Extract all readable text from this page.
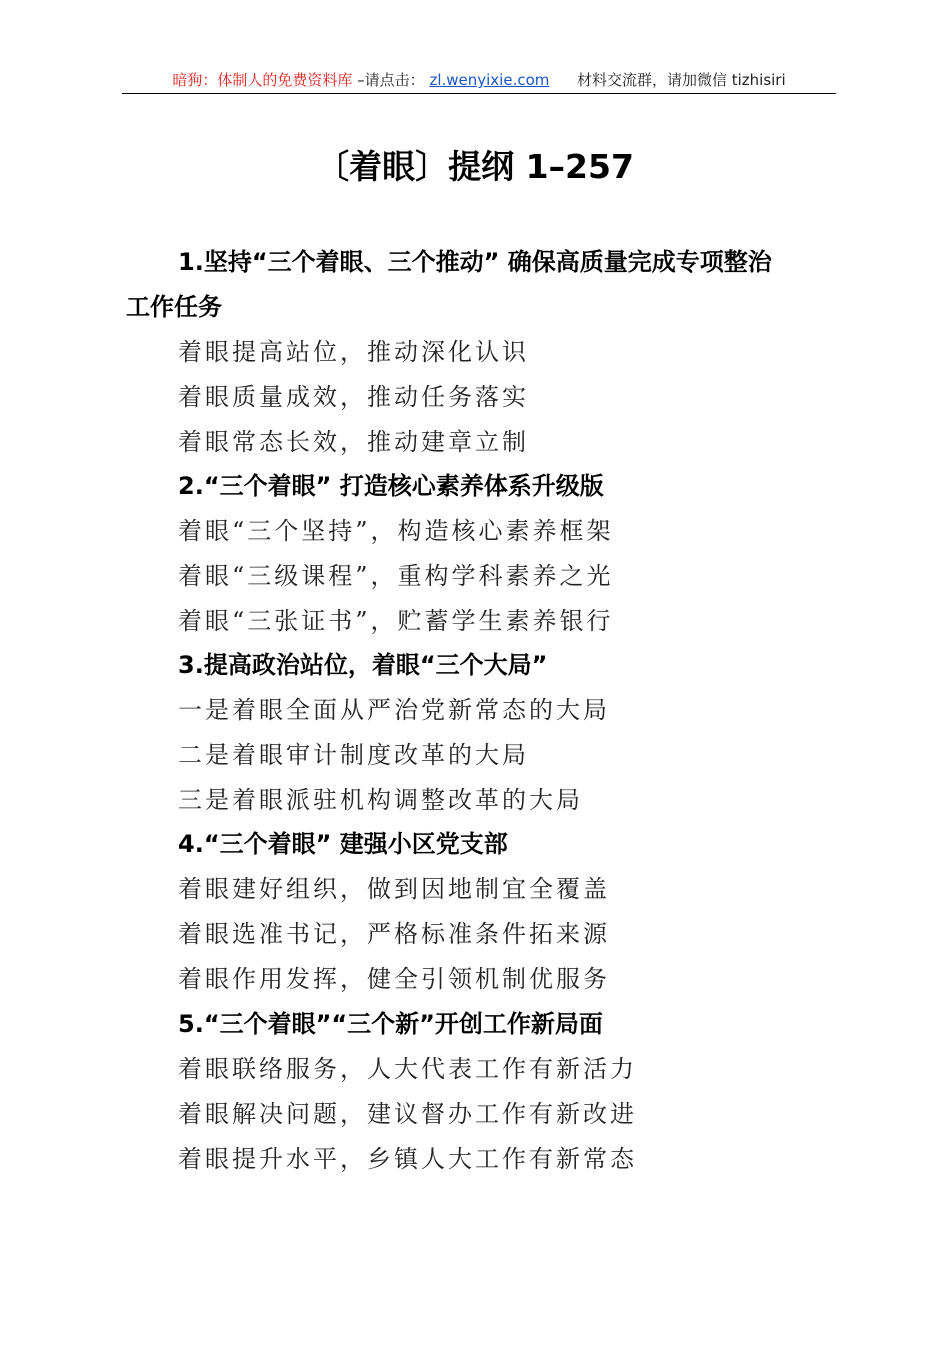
暗狗：体制人的免费资料库 –请点击： zl.wenyixie.com 材料交流群，请加微信 tizhisiri
〔着眼〕提纲 1–257
1.坚持“三个着眼、三个推动” 确保高质量完成专项整治
工作任务
着眼提高站位，推动深化认识
着眼质量成效，推动任务落实
着眼常态长效，推动建章立制
2.“三个着眼” 打造核心素养体系升级版
着眼“三个坚持”，构造核心素养框架
着眼“三级课程”，重构学科素养之光
着眼“三张证书”，贮蓄学生素养银行
3.提高政治站位，着眼“三个大局”
一是着眼全面从严治党新常态的大局
二是着眼审计制度改革的大局
三是着眼派驻机构调整改革的大局
4.“三个着眼” 建强小区党支部
着眼建好组织，做到因地制宜全覆盖
着眼选准书记，严格标准条件拓来源
着眼作用发挥，健全引领机制优服务
5.“三个着眼”“三个新”开创工作新局面
着眼联络服务，人大代表工作有新活力
着眼解决问题，建议督办工作有新改进
着眼提升水平，乡镇人大工作有新常态
